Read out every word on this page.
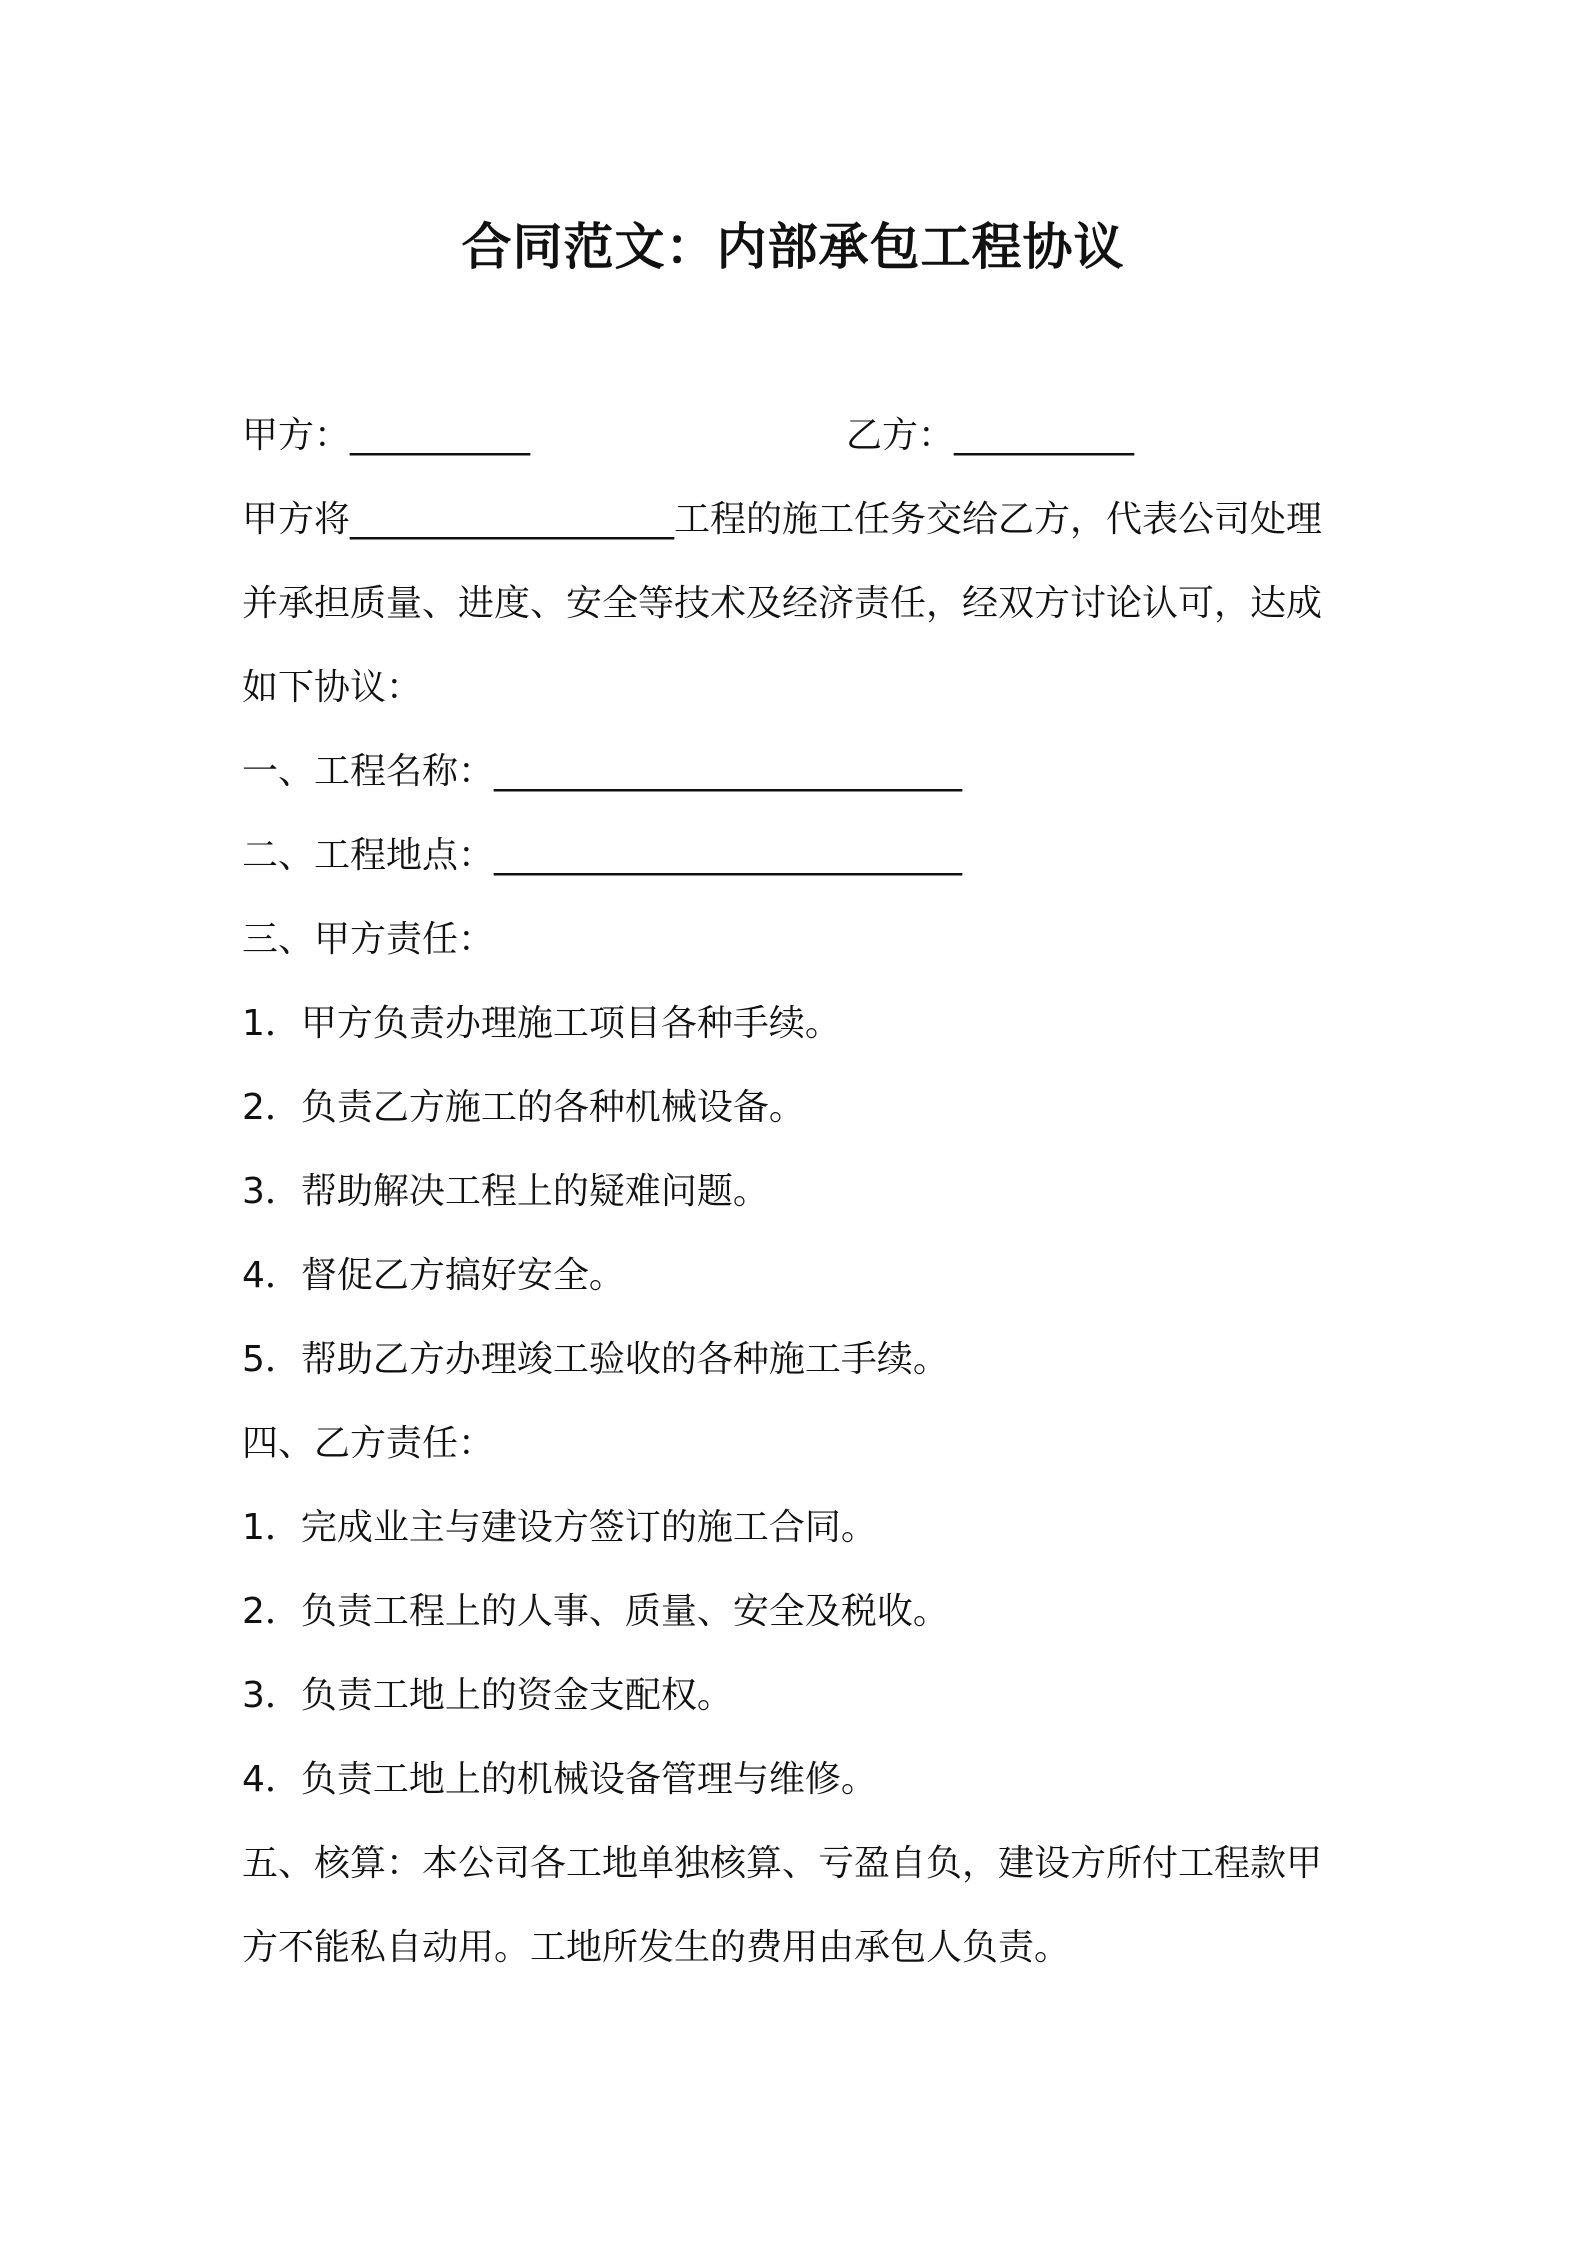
合同范文：内部承包工程协议
甲方：__________	乙方：__________
甲方将__________________工程的施工任务交给乙方，代表公司处理
并承担质量、进度、安全等技术及经济责任，经双方讨论认可，达成
如下协议：
一、工程名称：__________________________
二、工程地点：__________________________
三、甲方责任：
1．甲方负责办理施工项目各种手续。
2．负责乙方施工的各种机械设备。
3．帮助解决工程上的疑难问题。
4．督促乙方搞好安全。
5．帮助乙方办理竣工验收的各种施工手续。
四、乙方责任：
1．完成业主与建设方签订的施工合同。
2．负责工程上的人事、质量、安全及税收。
3．负责工地上的资金支配权。
4．负责工地上的机械设备管理与维修。
五、核算：本公司各工地单独核算、亏盈自负，建设方所付工程款甲
方不能私自动用。工地所发生的费用由承包人负责。
